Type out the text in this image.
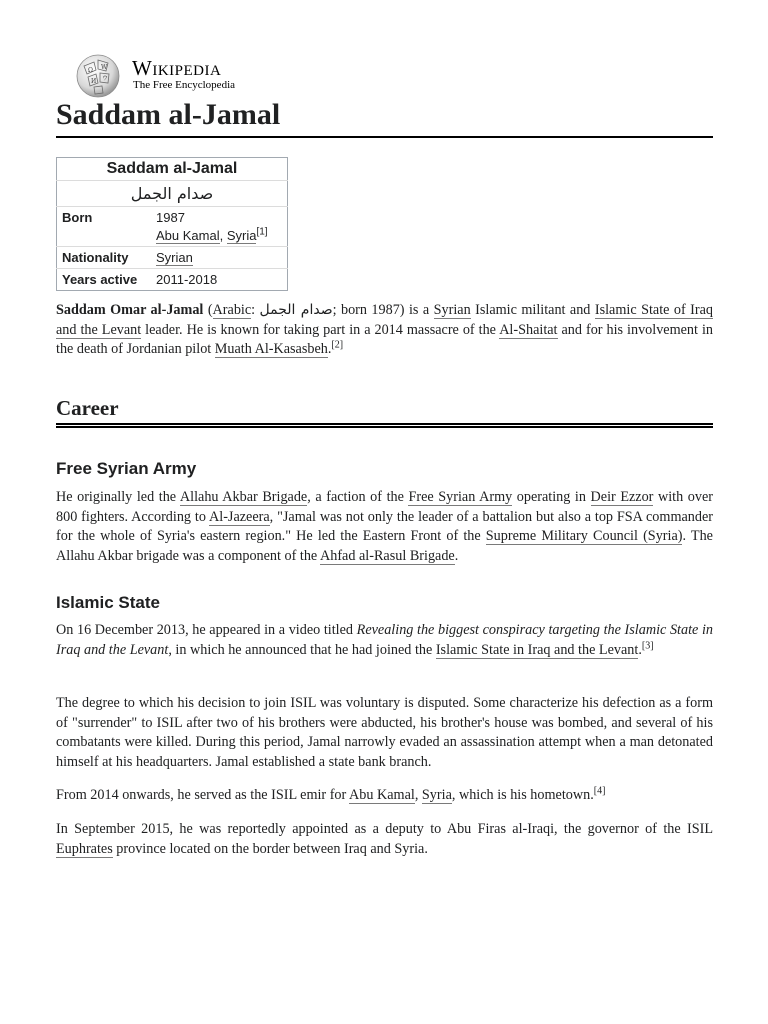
Ω W
И ウ Wikipedia
The Free Encyclopedia
Saddam al-Jamal
Saddam al-Jamal	
صدام الجمل	
Born	1987
Abu Kamal, Syria[1]

Nationality	Syrian
Years active	2011-2018

Saddam Omar al-Jamal (Arabic: صدام الجمل; born 1987) is a Syrian Islamic militant and Islamic State of Iraq and the Levant leader. He is known for taking part in a 2014 massacre of the Al-Shaitat and for his involvement in the death of Jordanian pilot Muath Al-Kasasbeh.[2]

Career
Free Syrian Army

He originally led the Allahu Akbar Brigade, a faction of the Free Syrian Army operating in Deir Ezzor with over 800 fighters. According to Al-Jazeera, "Jamal was not only the leader of a battalion but also a top FSA commander for the whole of Syria's eastern region." He led the Eastern Front of the Supreme Military Council (Syria). The Allahu Akbar brigade was a component of the Ahfad al-Rasul Brigade.

Islamic State

On 16 December 2013, he appeared in a video titled Revealing the biggest conspiracy targeting the Islamic State in Iraq and the Levant, in which he announced that he had joined the Islamic State in Iraq and the Levant.[3]

The degree to which his decision to join ISIL was voluntary is disputed. Some characterize his defection as a form of "surrender" to ISIL after two of his brothers were abducted, his brother's house was bombed, and several of his combatants were killed. During this period, Jamal narrowly evaded an assassination attempt when a man detonated himself at his headquarters. Jamal established a state bank branch.

From 2014 onwards, he served as the ISIL emir for Abu Kamal, Syria, which is his hometown.[4]

In September 2015, he was reportedly appointed as a deputy to Abu Firas al-Iraqi, the governor of the ISIL Euphrates province located on the border between Iraq and Syria.
